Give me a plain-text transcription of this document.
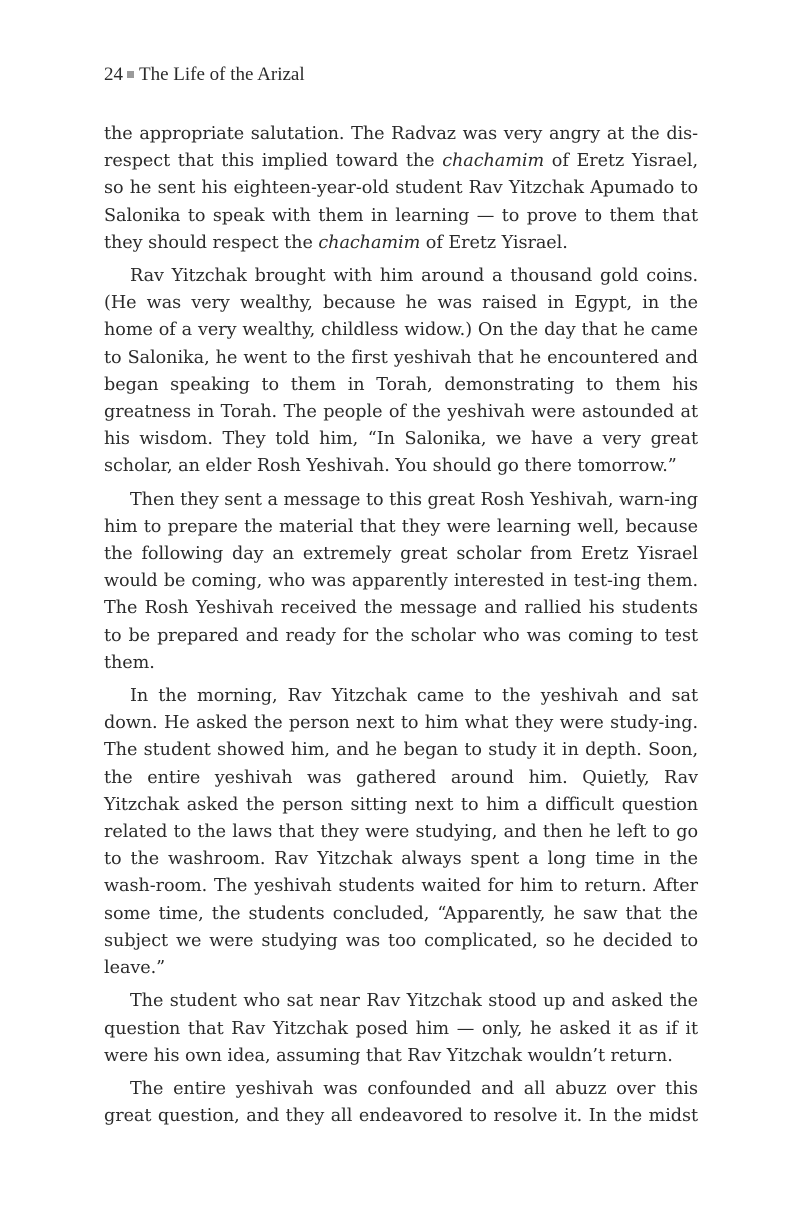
24 The Life of the Arizal

the appropriate salutation. The Radvaz was very angry at the dis-respect that this implied toward the chachamim of Eretz Yisrael, so he sent his eighteen-year-old student Rav Yitzchak Apumado to Salonika to speak with them in learning — to prove to them that they should respect the chachamim of Eretz Yisrael.

Rav Yitzchak brought with him around a thousand gold coins. (He was very wealthy, because he was raised in Egypt, in the home of a very wealthy, childless widow.) On the day that he came to Salonika, he went to the first yeshivah that he encountered and began speaking to them in Torah, demonstrating to them his greatness in Torah. The people of the yeshivah were astounded at his wisdom. They told him, “In Salonika, we have a very great scholar, an elder Rosh Yeshivah. You should go there tomorrow.”

Then they sent a message to this great Rosh Yeshivah, warn-ing him to prepare the material that they were learning well, because the following day an extremely great scholar from Eretz Yisrael would be coming, who was apparently interested in test-ing them. The Rosh Yeshivah received the message and rallied his students to be prepared and ready for the scholar who was coming to test them.

In the morning, Rav Yitzchak came to the yeshivah and sat down. He asked the person next to him what they were study-ing. The student showed him, and he began to study it in depth. Soon, the entire yeshivah was gathered around him. Quietly, Rav Yitzchak asked the person sitting next to him a difficult question related to the laws that they were studying, and then he left to go to the washroom. Rav Yitzchak always spent a long time in the wash-room. The yeshivah students waited for him to return. After some time, the students concluded, “Apparently, he saw that the subject we were studying was too complicated, so he decided to leave.”

The student who sat near Rav Yitzchak stood up and asked the question that Rav Yitzchak posed him — only, he asked it as if it were his own idea, assuming that Rav Yitzchak wouldn’t return.

The entire yeshivah was confounded and all abuzz over this great question, and they all endeavored to resolve it. In the midst
